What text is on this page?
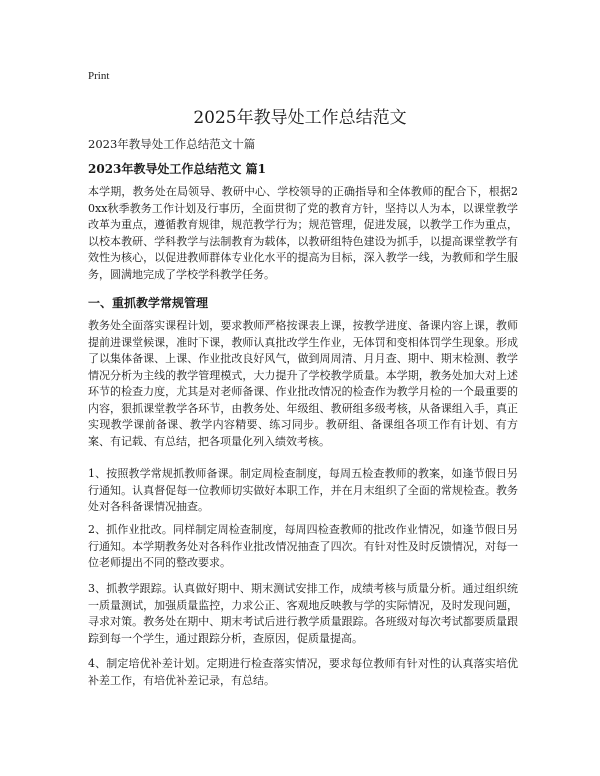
Print
2025年教导处工作总结范文

2023年教导处工作总结范文十篇

2023年教导处工作总结范文 篇1

本学期，教务处在局领导、教研中心、学校领导的正确指导和全体教师的配合下，根据20xx秋季教务工作计划及行事历，全面贯彻了党的教育方针，坚持以人为本，以课堂教学改革为重点，遵循教育规律，规范教学行为；规范管理，促进发展，以教学工作为重点，以校本教研、学科教学与法制教育为载体，以教研组特色建设为抓手，以提高课堂教学有效性为核心，以促进教师群体专业化水平的提高为目标，深入教学一线，为教师和学生服务，圆满地完成了学校学科教学任务。

一、重抓教学常规管理

教务处全面落实课程计划，要求教师严格按课表上课，按教学进度、备课内容上课，教师提前进课堂候课，准时下课，教师认真批改学生作业，无体罚和变相体罚学生现象。形成了以集体备课、上课、作业批改良好风气，做到周周清、月月查、期中、期末检测、教学情况分析为主线的教学管理模式，大力提升了学校教学质量。本学期，教务处加大对上述环节的检查力度，尤其是对老师备课、作业批改情况的检查作为教学月检的一个最重要的内容，狠抓课堂教学各环节，由教务处、年级组、教研组多级考核，从备课组入手，真正实现教学课前备课、教学内容精要、练习同步。教研组、备课组各项工作有计划、有方案、有记载、有总结，把各项量化列入绩效考核。

1、按照教学常规抓教师备课。制定周检查制度，每周五检查教师的教案，如逢节假日另行通知。认真督促每一位教师切实做好本职工作，并在月末组织了全面的常规检查。教务处对各科备课情况抽查。

2、抓作业批改。同样制定周检查制度，每周四检查教师的批改作业情况，如逢节假日另行通知。本学期教务处对各科作业批改情况抽查了四次。有针对性及时反馈情况，对每一位老师提出不同的整改要求。

3、抓教学跟踪。认真做好期中、期末测试安排工作，成绩考核与质量分析。通过组织统一质量测试，加强质量监控，力求公正、客观地反映教与学的实际情况，及时发现问题，寻求对策。教务处在期中、期末考试后进行教学质量跟踪。各班级对每次考试都要质量跟踪到每一个学生，通过跟踪分析，查原因，促质量提高。

4、制定培优补差计划。定期进行检查落实情况，要求每位教师有针对性的认真落实培优补差工作，有培优补差记录，有总结。
